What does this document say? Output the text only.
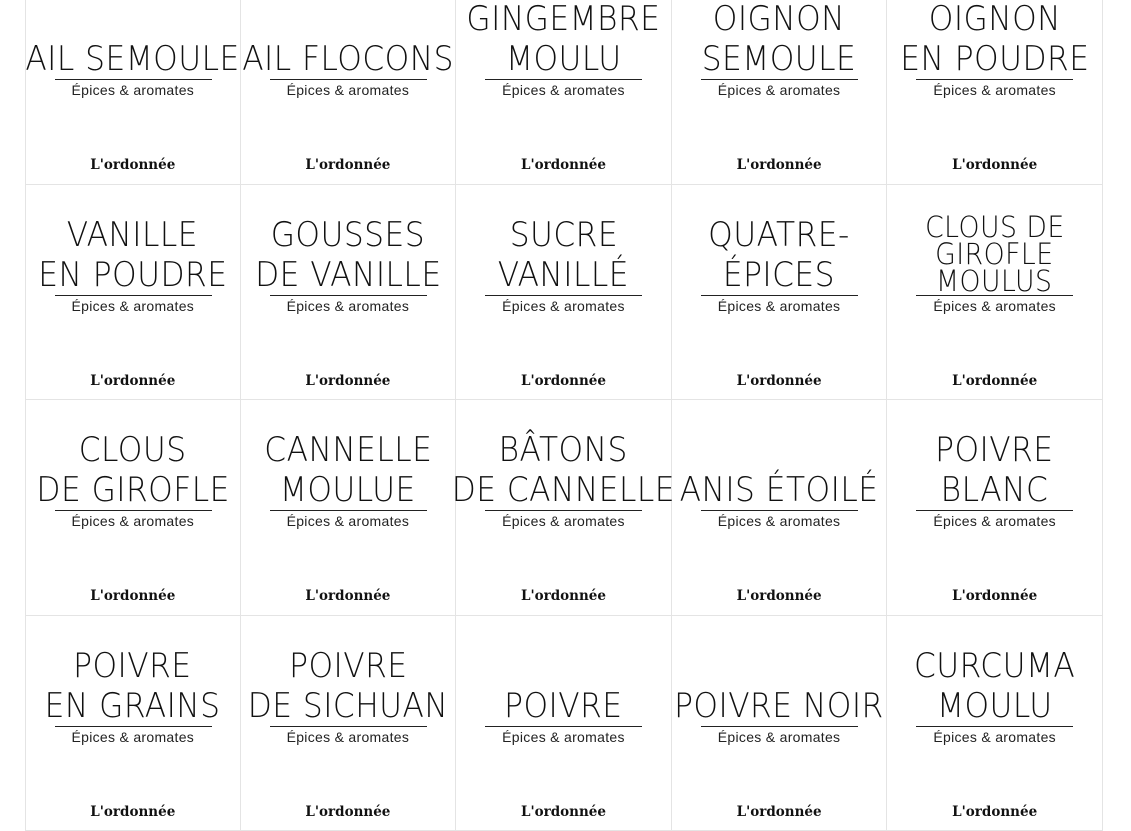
AIL SEMOULE
Épices & aromates
L'ordonnée
AIL FLOCONS
Épices & aromates
L'ordonnée
GINGEMBRE
MOULU
Épices & aromates
L'ordonnée
OIGNON
SEMOULE
Épices & aromates
L'ordonnée
OIGNON
EN POUDRE
Épices & aromates
L'ordonnée
VANILLE
EN POUDRE
Épices & aromates
L'ordonnée
GOUSSES
DE VANILLE
Épices & aromates
L'ordonnée
SUCRE
VANILLÉ
Épices & aromates
L'ordonnée
QUATRE-
ÉPICES
Épices & aromates
L'ordonnée
CLOUS DE
GIROFLE
MOULUS
Épices & aromates
L'ordonnée
CLOUS
DE GIROFLE
Épices & aromates
L'ordonnée
CANNELLE
MOULUE
Épices & aromates
L'ordonnée
BÂTONS
DE CANNELLE
Épices & aromates
L'ordonnée
ANIS ÉTOILÉ
Épices & aromates
L'ordonnée
POIVRE
BLANC
Épices & aromates
L'ordonnée
POIVRE
EN GRAINS
Épices & aromates
L'ordonnée
POIVRE
DE SICHUAN
Épices & aromates
L'ordonnée
POIVRE
Épices & aromates
L'ordonnée
POIVRE NOIR
Épices & aromates
L'ordonnée
CURCUMA
MOULU
Épices & aromates
L'ordonnée
